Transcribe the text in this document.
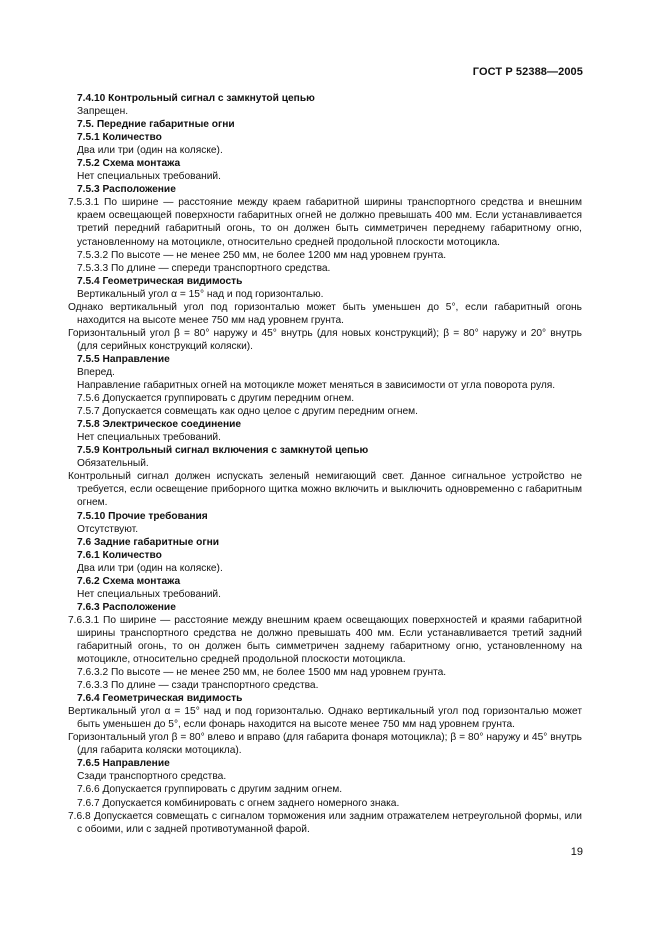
ГОСТ Р 52388—2005

7.4.10 Контрольный сигнал с замкнутой цепью

Запрещен.

7.5. Передние габаритные огни

7.5.1 Количество

Два или три (один на коляске).

7.5.2 Схема монтажа

Нет специальных требований.

7.5.3 Расположение

7.5.3.1 По ширине — расстояние между краем габаритной ширины транспортного средства и внешним краем освещающей поверхности габаритных огней не должно превышать 400 мм. Если устанавливается третий передний габаритный огонь, то он должен быть симметричен переднему габаритному огню, установленному на мотоцикле, относительно средней продольной плоскости мотоцикла.

7.5.3.2 По высоте — не менее 250 мм, не более 1200 мм над уровнем грунта.

7.5.3.3 По длине — спереди транспортного средства.

7.5.4 Геометрическая видимость

Вертикальный угол α = 15° над и под горизонталью.

Однако вертикальный угол под горизонталью может быть уменьшен до 5°, если габаритный огонь находится на высоте менее 750 мм над уровнем грунта.

Горизонтальный угол β = 80° наружу и 45° внутрь (для новых конструкций); β = 80° наружу и 20° внутрь (для серийных конструкций коляски).

7.5.5 Направление

Вперед.

Направление габаритных огней на мотоцикле может меняться в зависимости от угла поворота руля.

7.5.6 Допускается группировать с другим передним огнем.

7.5.7 Допускается совмещать как одно целое с другим передним огнем.

7.5.8 Электрическое соединение

Нет специальных требований.

7.5.9 Контрольный сигнал включения с замкнутой цепью

Обязательный.

Контрольный сигнал должен испускать зеленый немигающий свет. Данное сигнальное устройство не требуется, если освещение приборного щитка можно включить и выключить одновременно с габаритным огнем.

7.5.10 Прочие требования

Отсутствуют.

7.6 Задние габаритные огни

7.6.1 Количество

Два или три (один на коляске).

7.6.2 Схема монтажа

Нет специальных требований.

7.6.3 Расположение

7.6.3.1 По ширине — расстояние между внешним краем освещающих поверхностей и краями габаритной ширины транспортного средства не должно превышать 400 мм. Если устанавливается третий задний габаритный огонь, то он должен быть симметричен заднему габаритному огню, установленному на мотоцикле, относительно средней продольной плоскости мотоцикла.

7.6.3.2 По высоте — не менее 250 мм, не более 1500 мм над уровнем грунта.

7.6.3.3 По длине — сзади транспортного средства.

7.6.4 Геометрическая видимость

Вертикальный угол α = 15° над и под горизонталью. Однако вертикальный угол под горизонталью может быть уменьшен до 5°, если фонарь находится на высоте менее 750 мм над уровнем грунта.

Горизонтальный угол β = 80° влево и вправо (для габарита фонаря мотоцикла); β = 80° наружу и 45° внутрь (для габарита коляски мотоцикла).

7.6.5 Направление

Сзади транспортного средства.

7.6.6 Допускается группировать с другим задним огнем.

7.6.7 Допускается комбинировать с огнем заднего номерного знака.

7.6.8 Допускается совмещать с сигналом торможения или задним отражателем нетреугольной формы, или с обоими, или с задней противотуманной фарой.

19
